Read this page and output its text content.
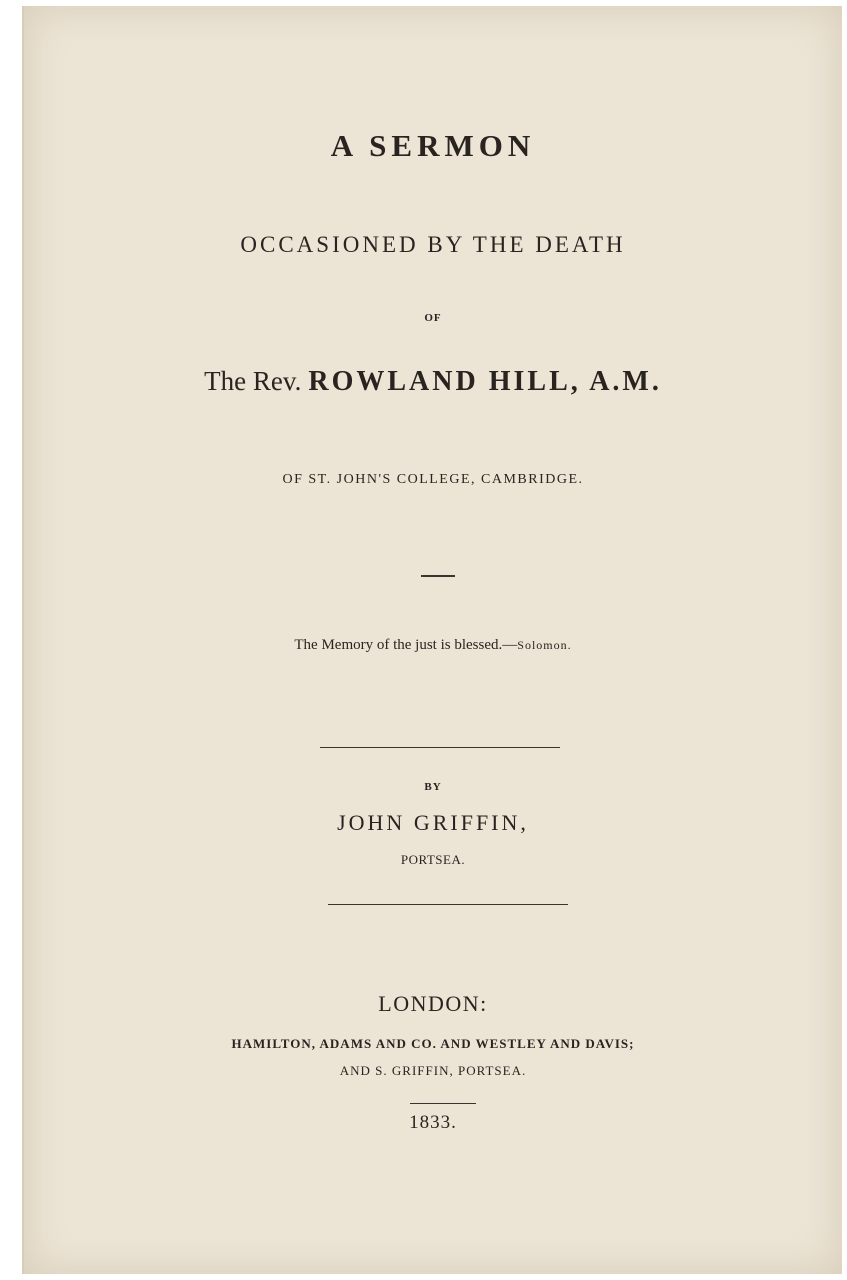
A SERMON
OCCASIONED BY THE DEATH
OF
The Rev. ROWLAND HILL, A.M.
OF ST. JOHN'S COLLEGE, CAMBRIDGE.
The Memory of the just is blessed.—Solomon.
BY
JOHN GRIFFIN,
PORTSEA.
LONDON:
HAMILTON, ADAMS AND CO. AND WESTLEY AND DAVIS;
AND S. GRIFFIN, PORTSEA.
1833.
